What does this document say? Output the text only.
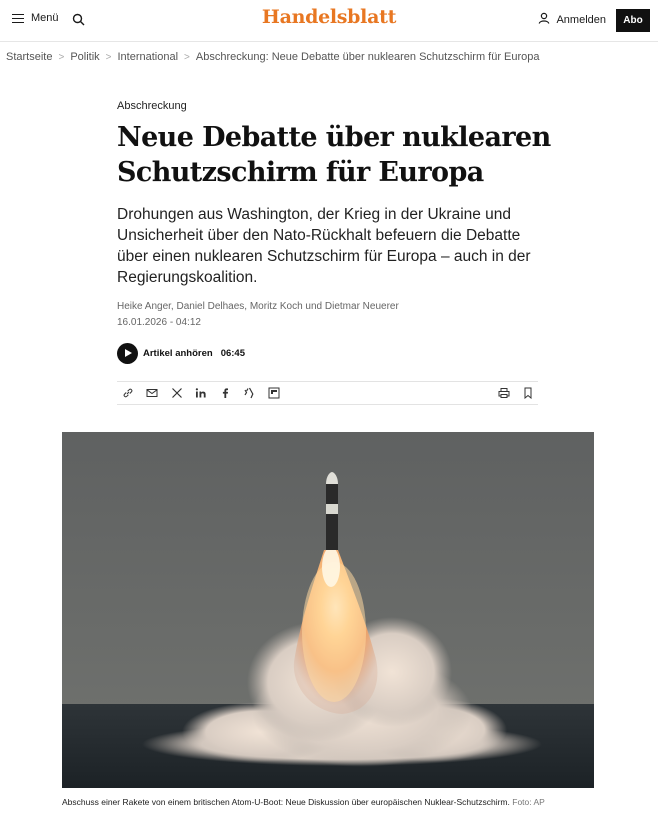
Menü	Handelsblatt	Anmelden	Abo
Startseite > Politik > International > Abschreckung: Neue Debatte über nuklearen Schutzschirm für Europa
Abschreckung
Neue Debatte über nuklearen Schutzschirm für Europa

Drohungen aus Washington, der Krieg in der Ukraine und Unsicherheit über den Nato-Rückhalt befeuern die Debatte über einen nuklearen Schutzschirm für Europa – auch in der Regierungskoalition.

Heike Anger, Daniel Delhaes, Moritz Koch und Dietmar Neuerer
16.01.2026 - 04:12
Artikel anhören 06:45
Abschuss einer Rakete von einem britischen Atom-U-Boot: Neue Diskussion über europäischen Nuklear-Schutzschirm. Foto: AP
